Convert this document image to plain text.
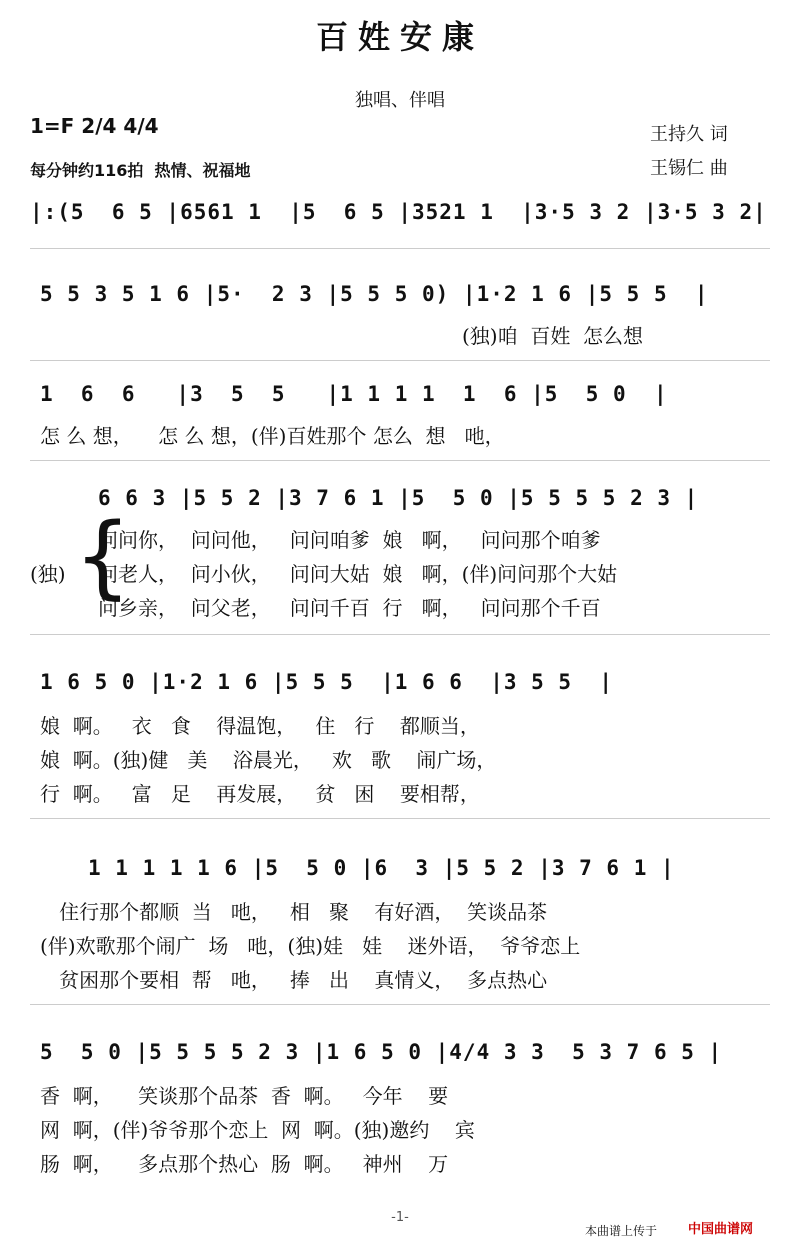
百姓安康
独唱、伴唱
1=F 2/4 4/4
每分钟约116拍  热情、祝福地
王持久 词
王锡仁 曲
|:(5  6 5 |6561 1  |5  6 5 |3521 1  |3·5 3 2 |3·5 3 2|
5 5 3 5 1 6 |5·  2 3 |5 5 5 0) |1·2 1 6 |5 5 5  |
(独)咱  百姓  怎么想
1  6  6   |3  5  5   |1 1 1 1  1  6 |5  5 0  |
怎 么 想，    怎 么 想，(伴)百姓那个 怎么  想   吔，
6 6 3 |5 5 2 |3 7 6 1 |5  5 0 |5 5 5 5 2 3 |
(独) {
问问你，  问问他，   问问咱爹  娘   啊，   问问那个咱爹
问老人，  问小伙，   问问大姑  娘   啊，(伴)问问那个大姑
问乡亲，  问父老，   问问千百  行   啊，   问问那个千百
1 6 5 0 |1·2 1 6 |5 5 5  |1 6 6  |3 5 5  |
娘  啊。   衣   食    得温饱，   住   行    都顺当，
娘  啊。(独)健   美    浴晨光，   欢   歌    闹广场，
行  啊。   富   足    再发展，   贫   困    要相帮，
1 1 1 1 1 6 |5  5 0 |6  3 |5 5 2 |3 7 6 1 |
住行那个都顺  当   吔，   相   聚    有好酒，  笑谈品茶
(伴)欢歌那个闹广  场   吔，(独)娃   娃    迷外语，  爷爷恋上
贫困那个要相  帮   吔，   捧   出    真情义，  多点热心
5  5 0 |5 5 5 5 2 3 |1 6 5 0 |4/4 3 3  5 3 7 6 5 |
香  啊，    笑谈那个品茶  香  啊。   今年    要
网  啊，(伴)爷爷那个恋上  网  啊。(独)邀约    宾
肠  啊，    多点那个热心  肠  啊。   神州    万
-1-
本曲谱上传于 中国曲谱网
